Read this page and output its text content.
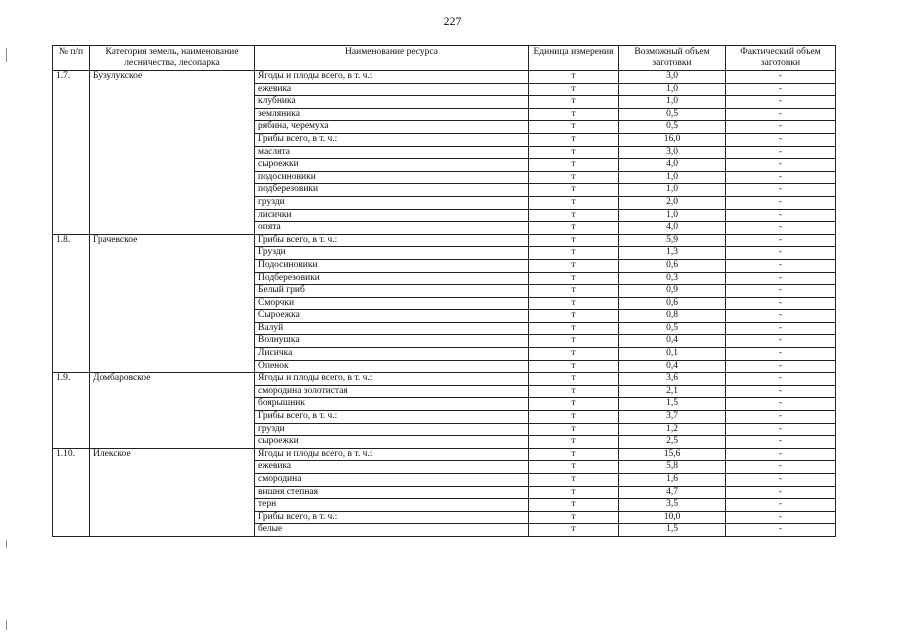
227
№ п/п	Категория земель, наименование лесничества, лесопарка	Наименование ресурса	Единица измерения	Возможный объем заготовки	Фактический объем заготовки
1.7.	Бузулукское	Ягоды и плоды всего, в т. ч.:	т	3,0	-
		ежевика	т	1,0	-
		клубника	т	1,0	-
		земляника	т	0,5	-
		рябина, черемуха	т	0,5	-
		Грибы всего, в т. ч.:	т	16,0	-
		маслята	т	3,0	-
		сыроежки	т	4,0	-
		подосиновики	т	1,0	-
		подберезовики	т	1,0	-
		грузди	т	2,0	-
		лисички	т	1,0	-
		опята	т	4,0	-
1.8.	Грачевское	Грибы всего, в т. ч.:	т	5,9	-
		Грузди	т	1,3	-
		Подосиновики	т	0,6	-
		Подберезовики	т	0,3	-
		Белый гриб	т	0,9	-
		Сморчки	т	0,6	-
		Сыроежка	т	0,8	-
		Валуй	т	0,5	-
		Волнушка	т	0,4	-
		Лисичка	т	0,1	-
		Опенок	т	0,4	-
1.9.	Домбаровское	Ягоды и плоды всего, в т. ч.:	т	3,6	-
		смородина золотистая	т	2,1	-
		боярышник	т	1,5	-
		Грибы всего, в т. ч.:	т	3,7	-
		грузди	т	1,2	-
		сыроежки	т	2,5	-
1.10.	Илекское	Ягоды и плоды всего, в т. ч.:	т	15,6	-
		ежевика	т	5,8	-
		смородина	т	1,6	-
		вишня степная	т	4,7	-
		терн	т	3,5	-
		Грибы всего, в т. ч.:	т	10,0	-
		белые	т	1,5	-
